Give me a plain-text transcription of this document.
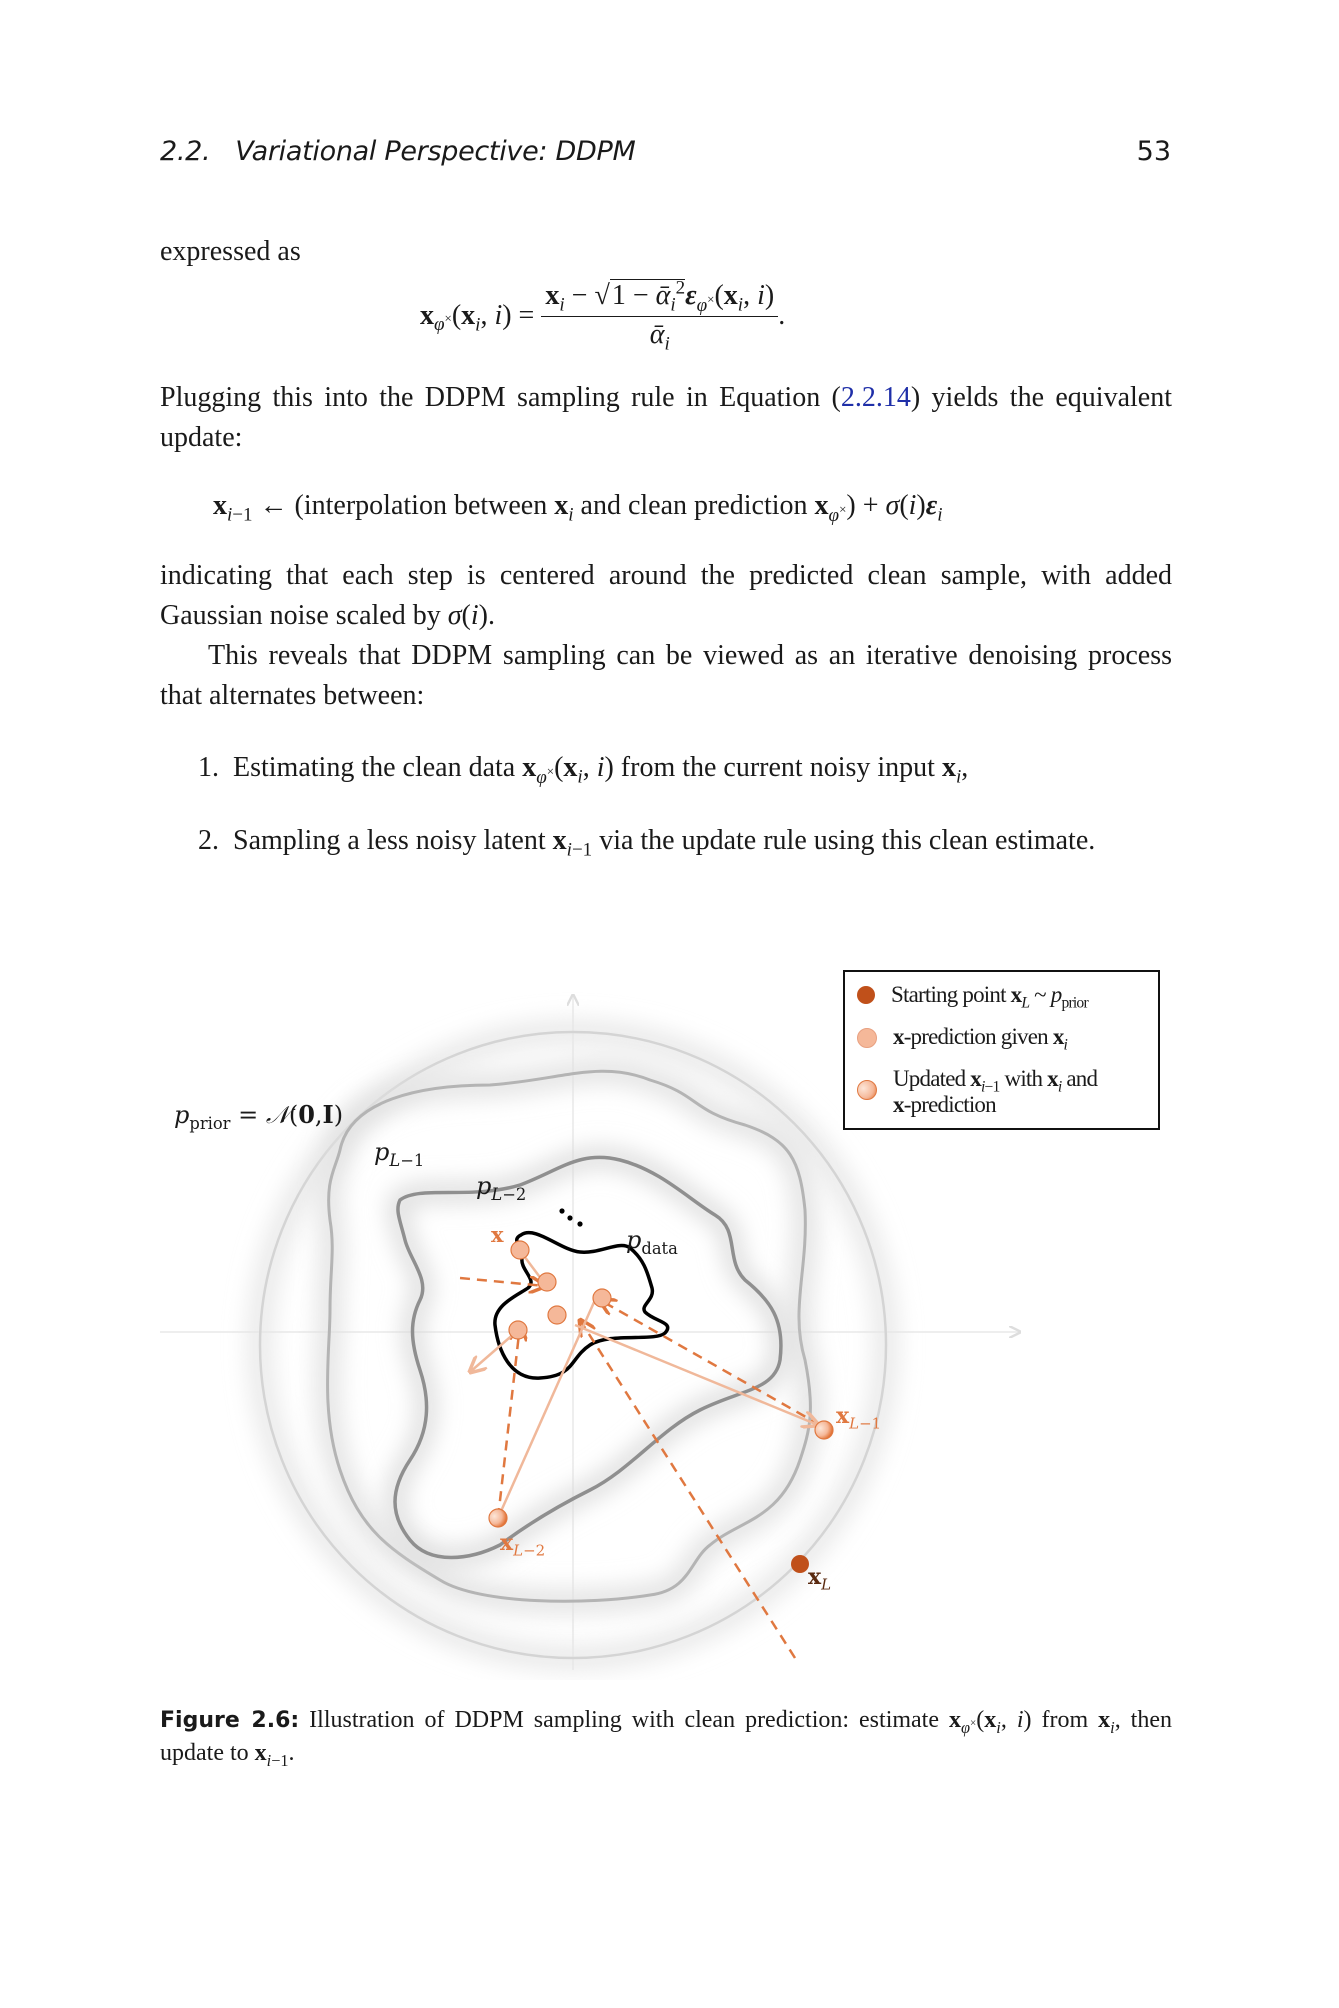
2.2. Variational Perspective: DDPM	53
expressed as
$x_{\varphi^\times}(x_i$, $i) = \frac{x_i - √1 - ᾱ_i^2\varepsilon_{\varphi^\times}(x_i, i)}{ᾱ_i}$ .
Plugging this into the DDPM sampling rule in Equation (2.2.14) yields the equivalent update:
$x_{i-1}$ ← (interpolation between $x_i$ and clean prediction $x_{\varphi^\times}) + \sigma(i)\varepsilon_i$
indicating that each step is centered around the predicted clean sample, with added Gaussian noise scaled by σ(i).
This reveals that DDPM sampling can be viewed as an iterative denoising process that alternates between:
1.  Estimating the clean data $x_{\varphi^\times}(x_i$, i) from the current noisy input $x_i$,
2.  Sampling a less noisy latent $x_{i-1}$ via the update rule using this clean estimate.
$p_{prior}$ = 𝒩(0,I)
$p_{L-1}$
$p_{L-2}$
$p_{data}$
x
$x_{L-1}$
$x_{L-2}$
$x_L$
Starting point $x_L$ ~ $p_{prior}$
x-prediction given $x_i$
Updated $x_{i-1}$ with $x_i$ and
x-prediction
Figure 2.6: Illustration of DDPM sampling with clean prediction: estimate $x_{\varphi^\times}(x_i$, i) from $x_i$, then update to $x_{i-1}$.
